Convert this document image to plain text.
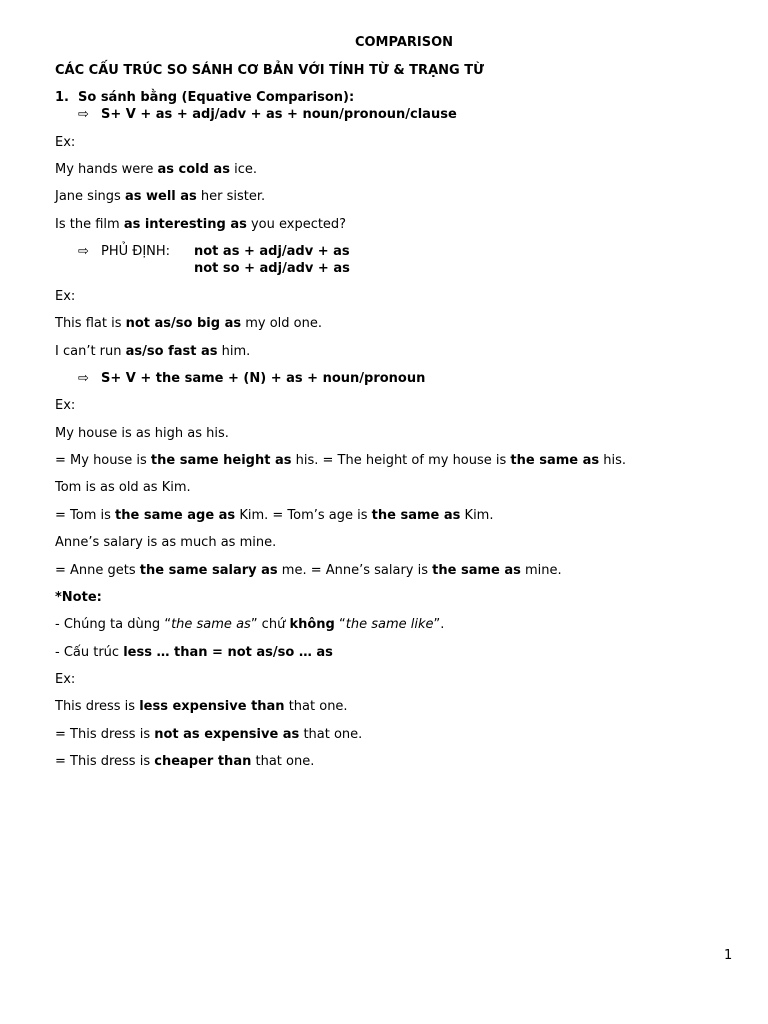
COMPARISON
CÁC CẤU TRÚC SO SÁNH CƠ BẢN VỚI TÍNH TỪ & TRẠNG TỪ
1. So sánh bằng (Equative Comparison):
⇨ S+ V + as + adj/adv + as + noun/pronoun/clause
Ex:
My hands were as cold as ice.
Jane sings as well as her sister.
Is the film as interesting as you expected?
⇨ PHỦ ĐỊNH: not as + adj/adv + as
not so + adj/adv + as
Ex:
This flat is not as/so big as my old one.
I can’t run as/so fast as him.
⇨ S+ V + the same + (N) + as + noun/pronoun
Ex:
My house is as high as his.
= My house is the same height as his. = The height of my house is the same as his.
Tom is as old as Kim.
= Tom is the same age as Kim. = Tom’s age is the same as Kim.
Anne’s salary is as much as mine.
= Anne gets the same salary as me. = Anne’s salary is the same as mine.
*Note:
- Chúng ta dùng “the same as” chứ không “the same like”.
- Cấu trúc less … than = not as/so … as
Ex:
This dress is less expensive than that one.
= This dress is not as expensive as that one.
= This dress is cheaper than that one.
1
